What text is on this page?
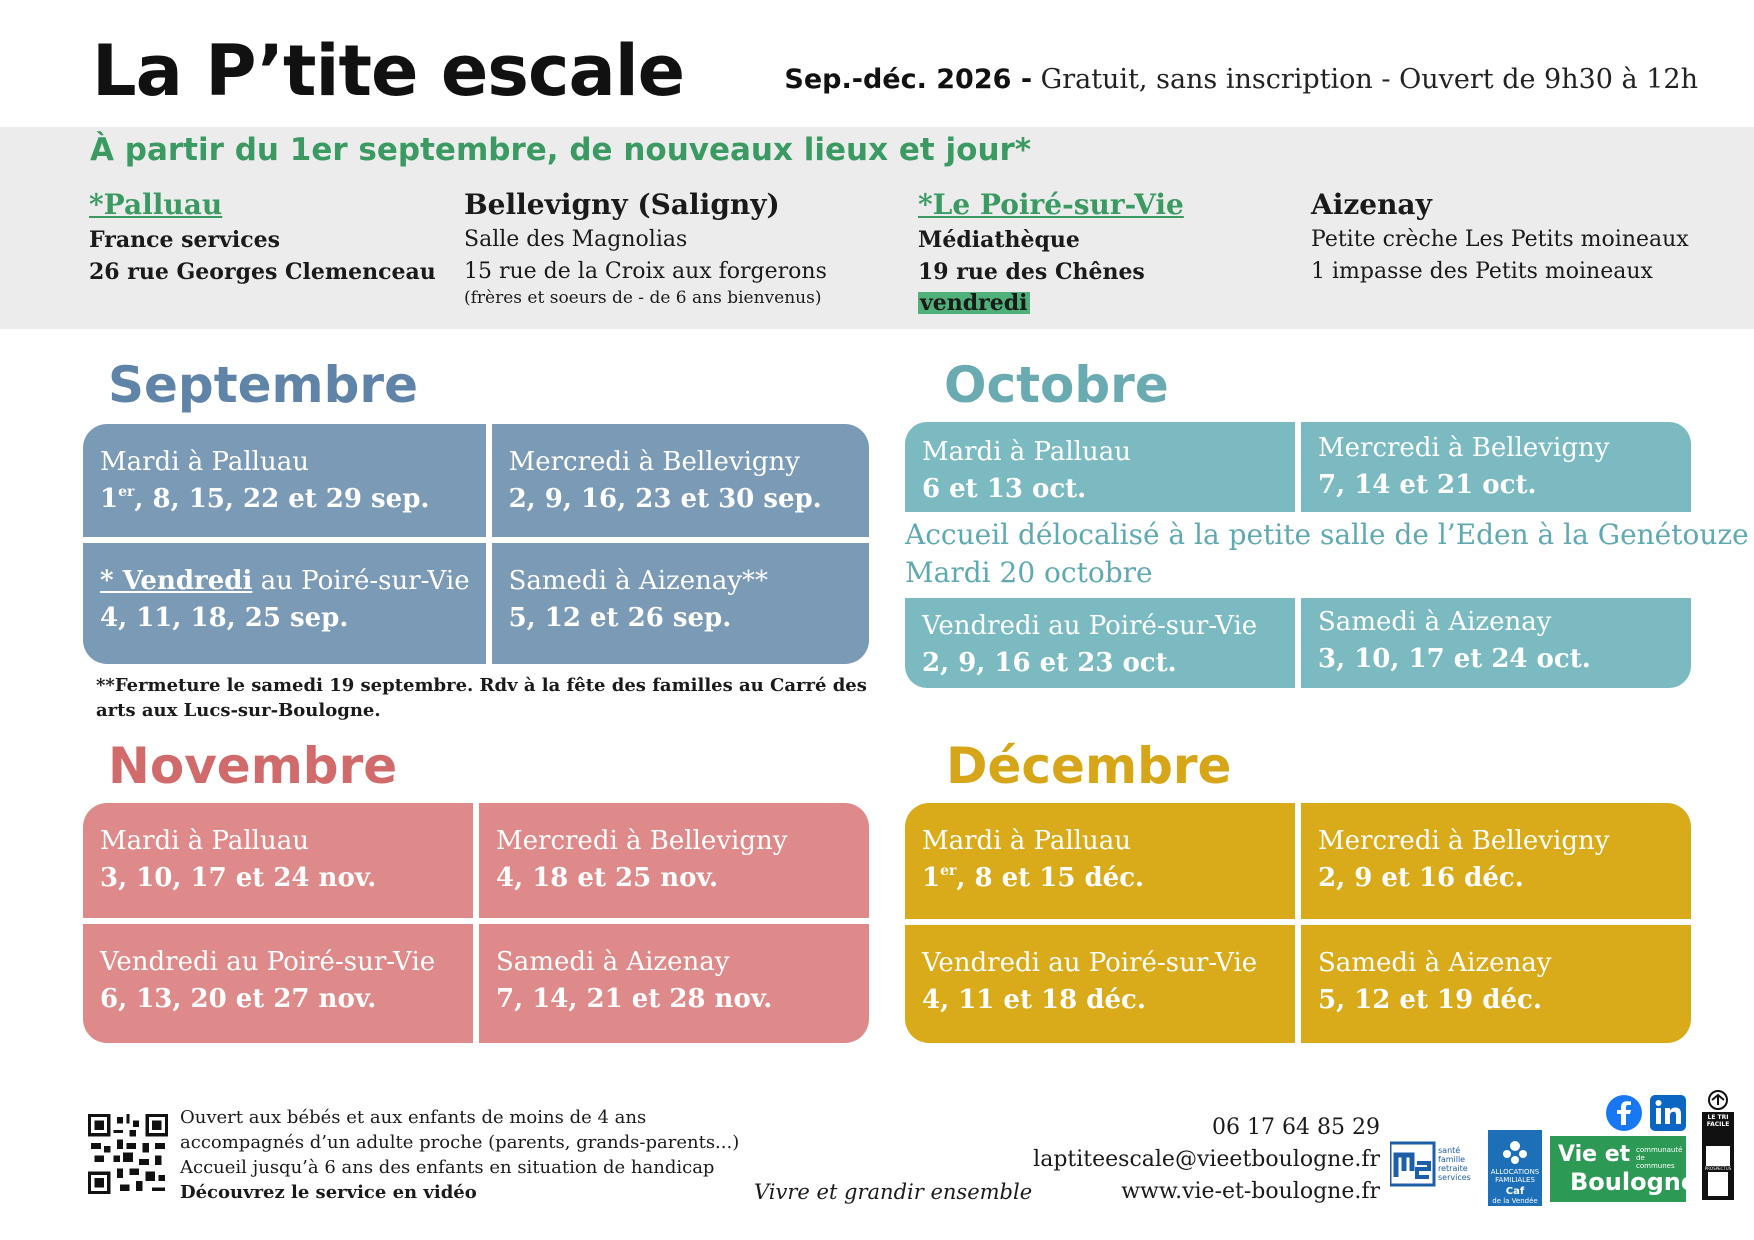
La P’tite escale	Sep.-déc. 2026 - Gratuit, sans inscription - Ouvert de 9h30 à 12h
À partir du 1er septembre, de nouveaux lieux et jour*
*Palluau
France services
26 rue Georges Clemenceau
Bellevigny (Saligny)
Salle des Magnolias
15 rue de la Croix aux forgerons
(frères et soeurs de - de 6 ans bienvenus)
*Le Poiré-sur-Vie
Médiathèque
19 rue des Chênes
vendredi
Aizenay
Petite crèche Les Petits moineaux
1 impasse des Petits moineaux
Septembre
Mardi à Palluau
1er, 8, 15, 22 et 29 sep.
Mercredi à Bellevigny
2, 9, 16, 23 et 30 sep.
* Vendredi au Poiré-sur-Vie
4, 11, 18, 25 sep.
Samedi à Aizenay**
5, 12 et 26 sep.
**Fermeture le samedi 19 septembre. Rdv à la fête des familles au Carré des arts aux Lucs-sur-Boulogne.
Octobre
Mardi à Palluau
6 et 13 oct.
Mercredi à Bellevigny
7, 14 et 21 oct.
Accueil délocalisé à la petite salle de l’Eden à la Genétouze
Mardi 20 octobre
Vendredi au Poiré-sur-Vie
2, 9, 16 et 23 oct.
Samedi à Aizenay
3, 10, 17 et 24 oct.
Novembre
Mardi à Palluau
3, 10, 17 et 24 nov.
Mercredi à Bellevigny
4, 18 et 25 nov.
Vendredi au Poiré-sur-Vie
6, 13, 20 et 27 nov.
Samedi à Aizenay
7, 14, 21 et 28 nov.
Décembre
Mardi à Palluau
1er, 8 et 15 déc.
Mercredi à Bellevigny
2, 9 et 16 déc.
Vendredi au Poiré-sur-Vie
4, 11 et 18 déc.
Samedi à Aizenay
5, 12 et 19 déc.
Ouvert aux bébés et aux enfants de moins de 4 ans
accompagnés d’un adulte proche (parents, grands-parents...)
Accueil jusqu’à 6 ans des enfants en situation de handicap
Découvrez le service en vidéo	Vivre et grandir ensemble
06 17 64 85 29
laptiteescale@vieetboulogne.fr
www.vie-et-boulogne.fr
santé
famille
retraite
services
ALLOCATIONS FAMILIALES
Caf
de la Vendée
Vie et
Boulogne
communauté de communes
LE TRI FACILE
PROSPECTUS
